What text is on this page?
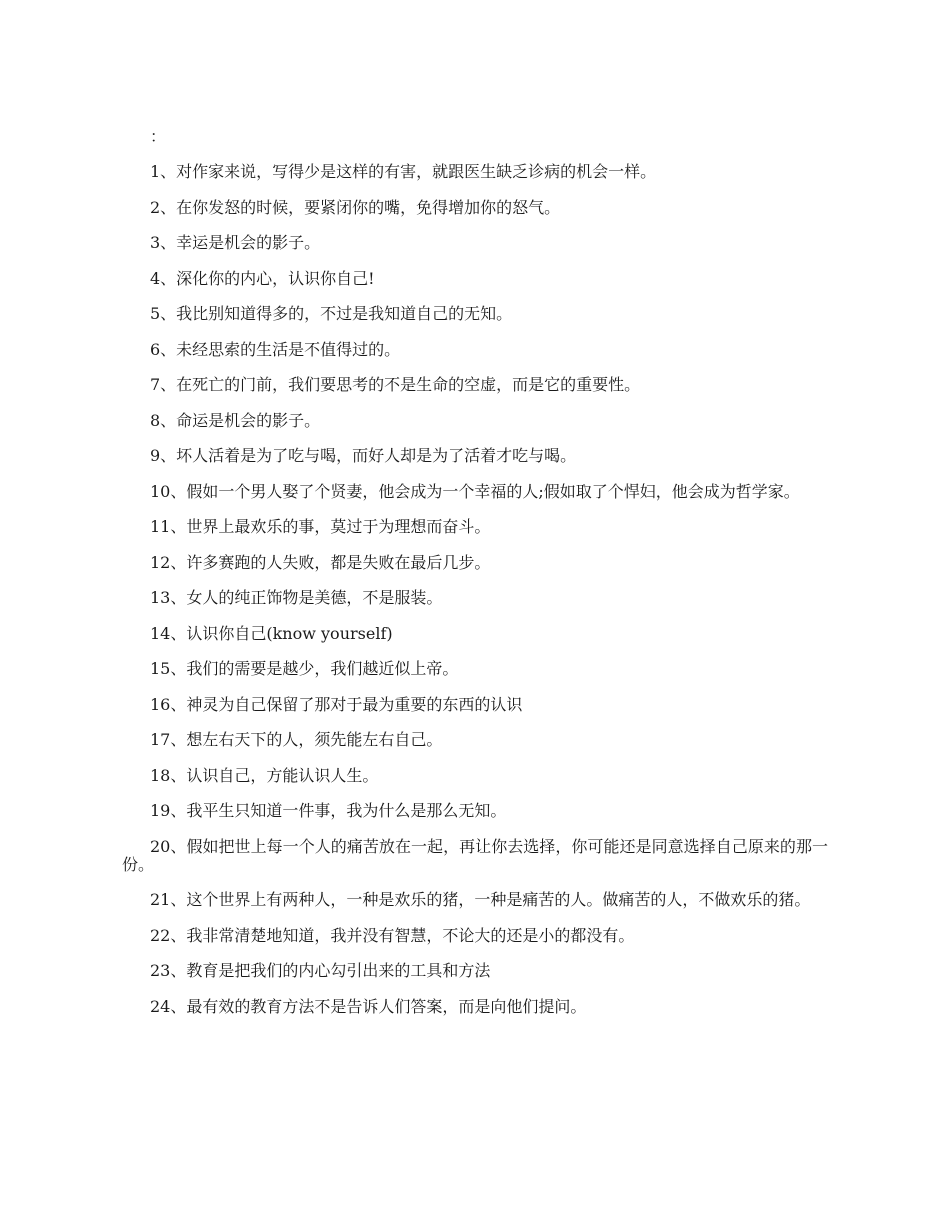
：
1、对作家来说，写得少是这样的有害，就跟医生缺乏诊病的机会一样。
2、在你发怒的时候，要紧闭你的嘴，免得增加你的怒气。
3、幸运是机会的影子。
4、深化你的内心，认识你自己!
5、我比别知道得多的，不过是我知道自己的无知。
6、未经思索的生活是不值得过的。
7、在死亡的门前，我们要思考的不是生命的空虚，而是它的重要性。
8、命运是机会的影子。
9、坏人活着是为了吃与喝，而好人却是为了活着才吃与喝。
10、假如一个男人娶了个贤妻，他会成为一个幸福的人;假如取了个悍妇，他会成为哲学家。
11、世界上最欢乐的事，莫过于为理想而奋斗。
12、许多赛跑的人失败，都是失败在最后几步。
13、女人的纯正饰物是美德，不是服装。
14、认识你自己(know yourself)
15、我们的需要是越少，我们越近似上帝。
16、神灵为自己保留了那对于最为重要的东西的认识
17、想左右天下的人，须先能左右自己。
18、认识自己，方能认识人生。
19、我平生只知道一件事，我为什么是那么无知。
20、假如把世上每一个人的痛苦放在一起，再让你去选择，你可能还是同意选择自己原来的那一份。
21、这个世界上有两种人，一种是欢乐的猪，一种是痛苦的人。做痛苦的人，不做欢乐的猪。
22、我非常清楚地知道，我并没有智慧，不论大的还是小的都没有。
23、教育是把我们的内心勾引出来的工具和方法
24、最有效的教育方法不是告诉人们答案，而是向他们提问。
